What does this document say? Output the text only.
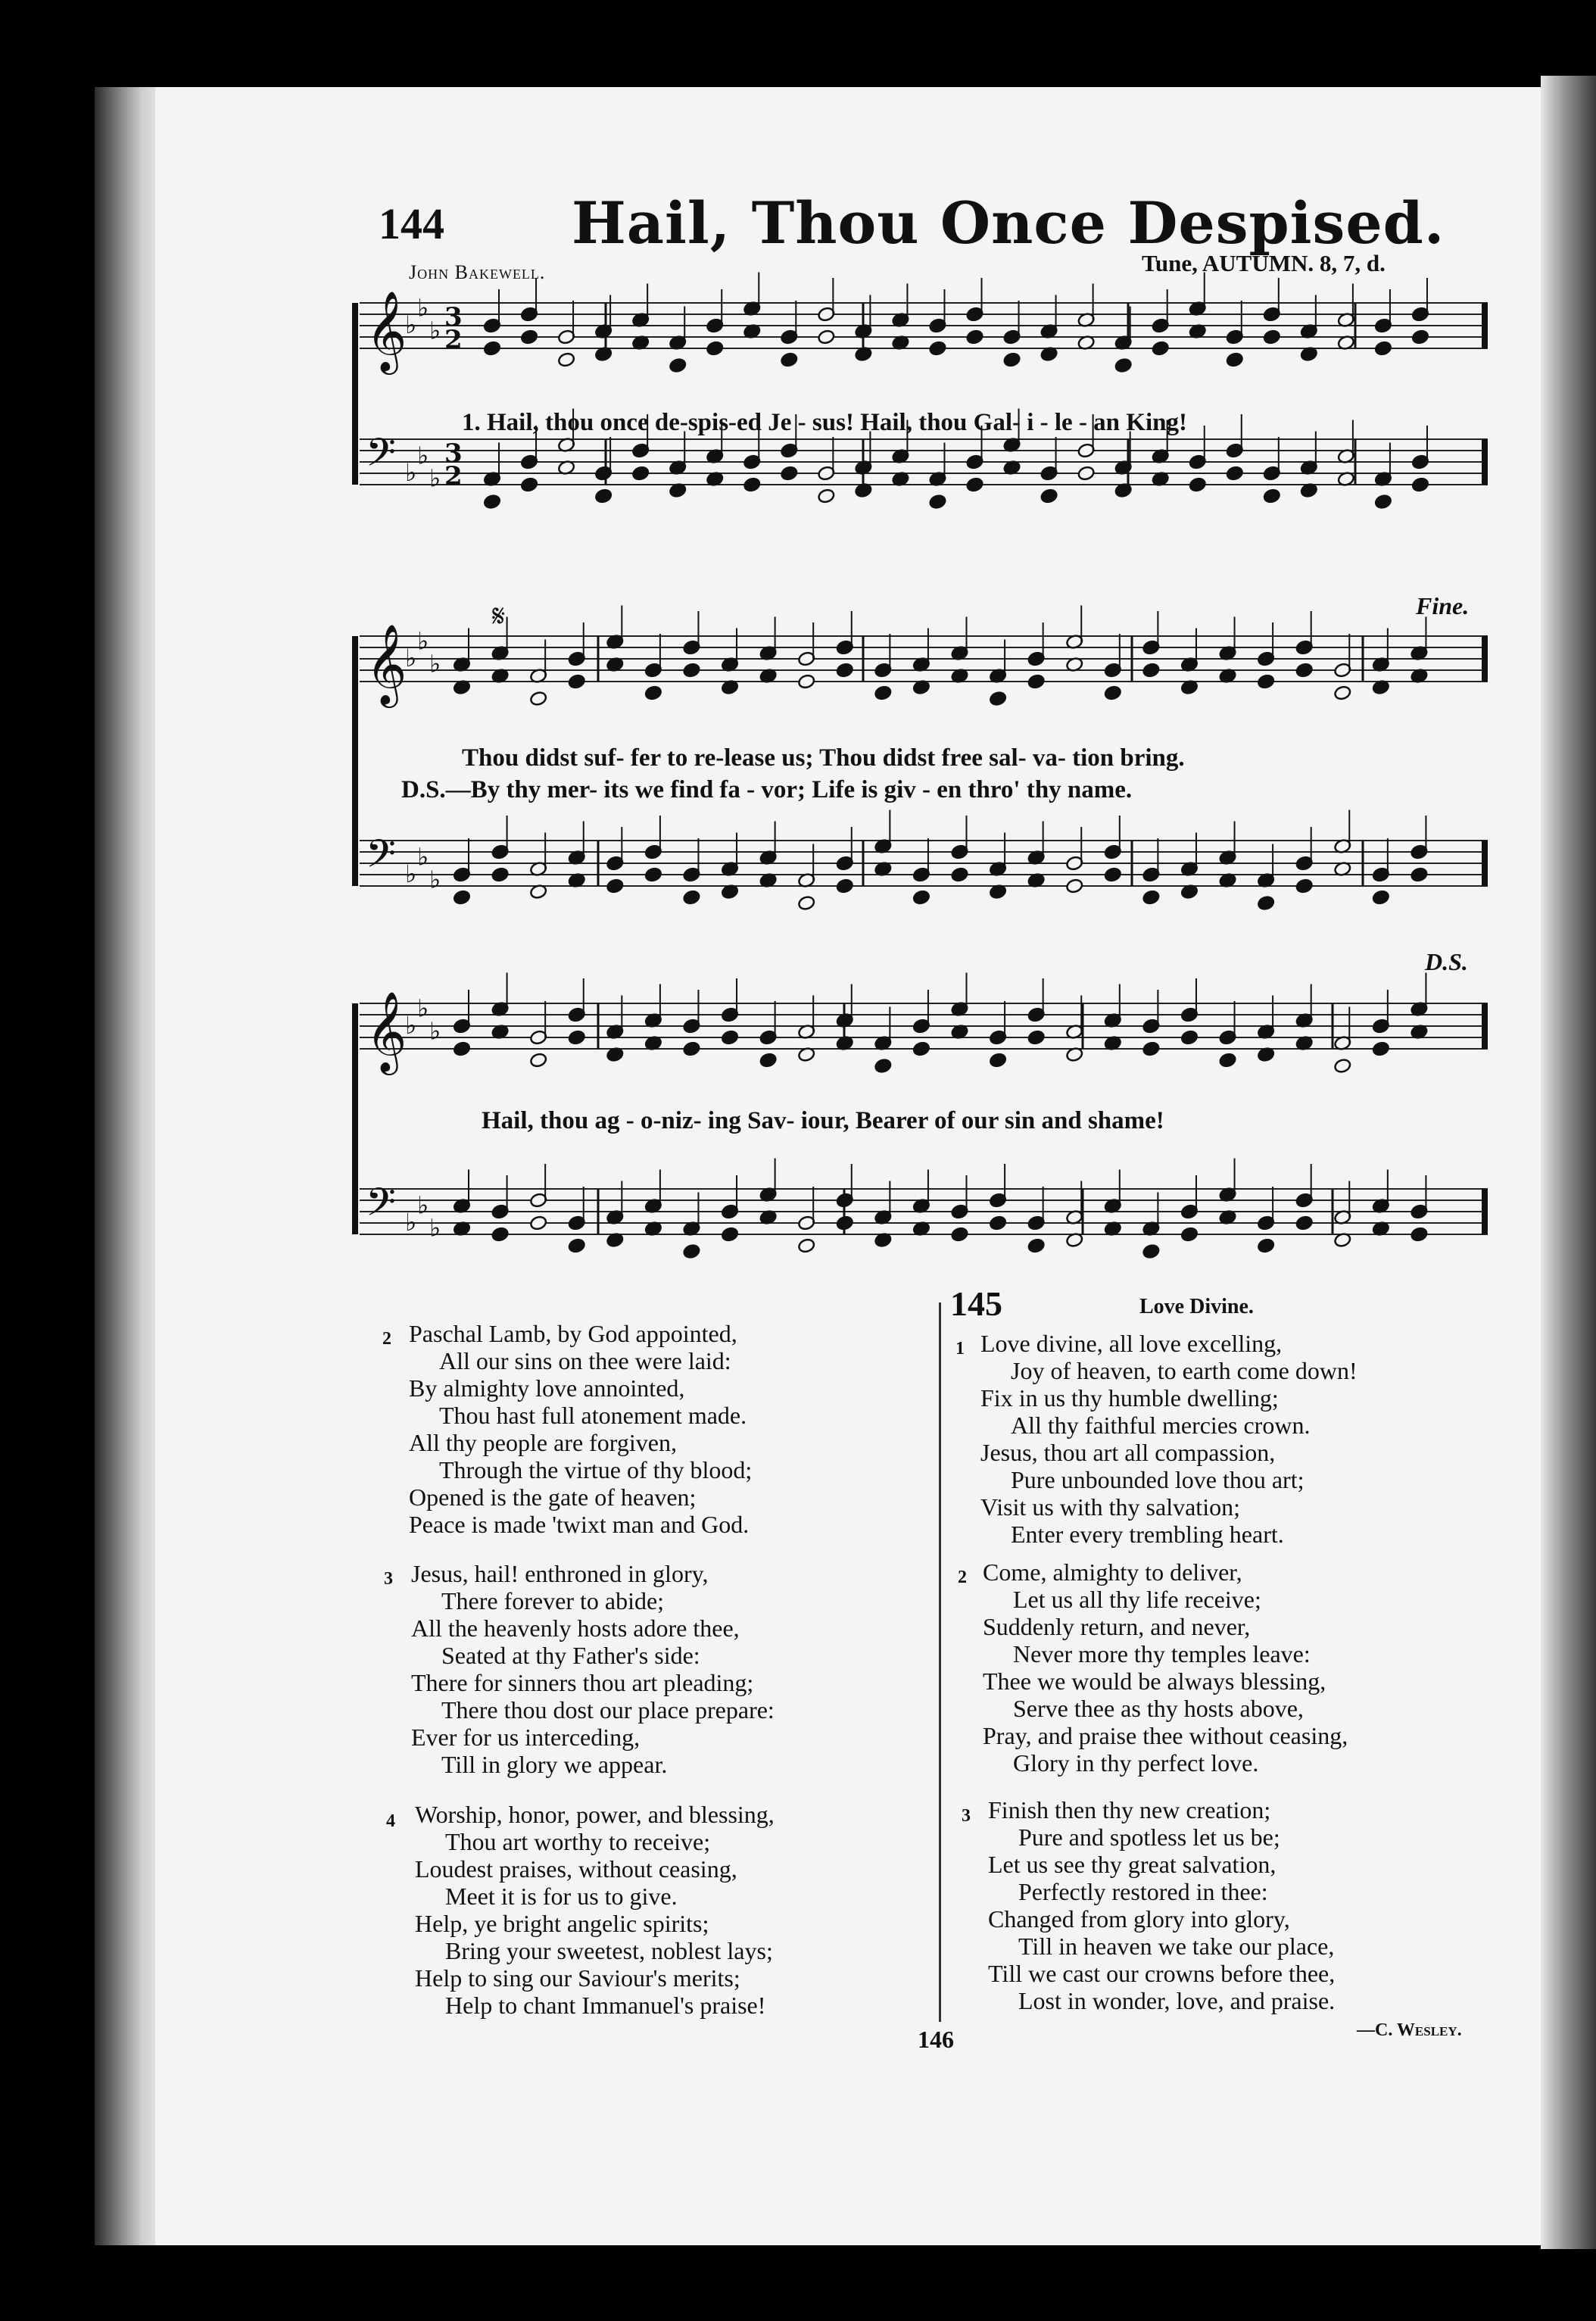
𝄞
♭
♭
♭ 3
2
𝄢 ♭
♭
♭
3
2
𝄞
♭
♭
♭
𝄢 ♭
♭
♭
𝄞
♭
♭
♭
𝄢 ♭
♭
♭
144 Hail, Thou Once Despised.
John Bakewell.	Tune, AUTUMN. 8, 7, d.
1. Hail, thou once de-spis-ed Je - sus! Hail, thou Gal- i - le - an King!
Fine.
𝄋
Thou didst suf- fer to re-lease us; Thou didst free sal- va- tion bring.
D.S.—By thy mer- its we find fa - vor; Life is giv - en thro' thy name.
D.S.
Hail, thou ag - o-niz- ing Sav- iour, Bearer of our sin and shame!
2 Paschal Lamb, by God appointed,
All our sins on thee were laid:
By almighty love annointed,
Thou hast full atonement made.
All thy people are forgiven,
Through the virtue of thy blood;
Opened is the gate of heaven;
Peace is made 'twixt man and God.
3 Jesus, hail! enthroned in glory,
There forever to abide;
All the heavenly hosts adore thee,
Seated at thy Father's side:
There for sinners thou art pleading;
There thou dost our place prepare:
Ever for us interceding,
Till in glory we appear.
4 Worship, honor, power, and blessing,
Thou art worthy to receive;
Loudest praises, without ceasing,
Meet it is for us to give.
Help, ye bright angelic spirits;
Bring your sweetest, noblest lays;
Help to sing our Saviour's merits;
Help to chant Immanuel's praise!
145	Love Divine.
1 Love divine, all love excelling,
Joy of heaven, to earth come down!
Fix in us thy humble dwelling;
All thy faithful mercies crown.
Jesus, thou art all compassion,
Pure unbounded love thou art;
Visit us with thy salvation;
Enter every trembling heart.
2 Come, almighty to deliver,
Let us all thy life receive;
Suddenly return, and never,
Never more thy temples leave:
Thee we would be always blessing,
Serve thee as thy hosts above,
Pray, and praise thee without ceasing,
Glory in thy perfect love.
3 Finish then thy new creation;
Pure and spotless let us be;
Let us see thy great salvation,
Perfectly restored in thee:
Changed from glory into glory,
Till in heaven we take our place,
Till we cast our crowns before thee,
Lost in wonder, love, and praise.
—C. Wesley.
146
